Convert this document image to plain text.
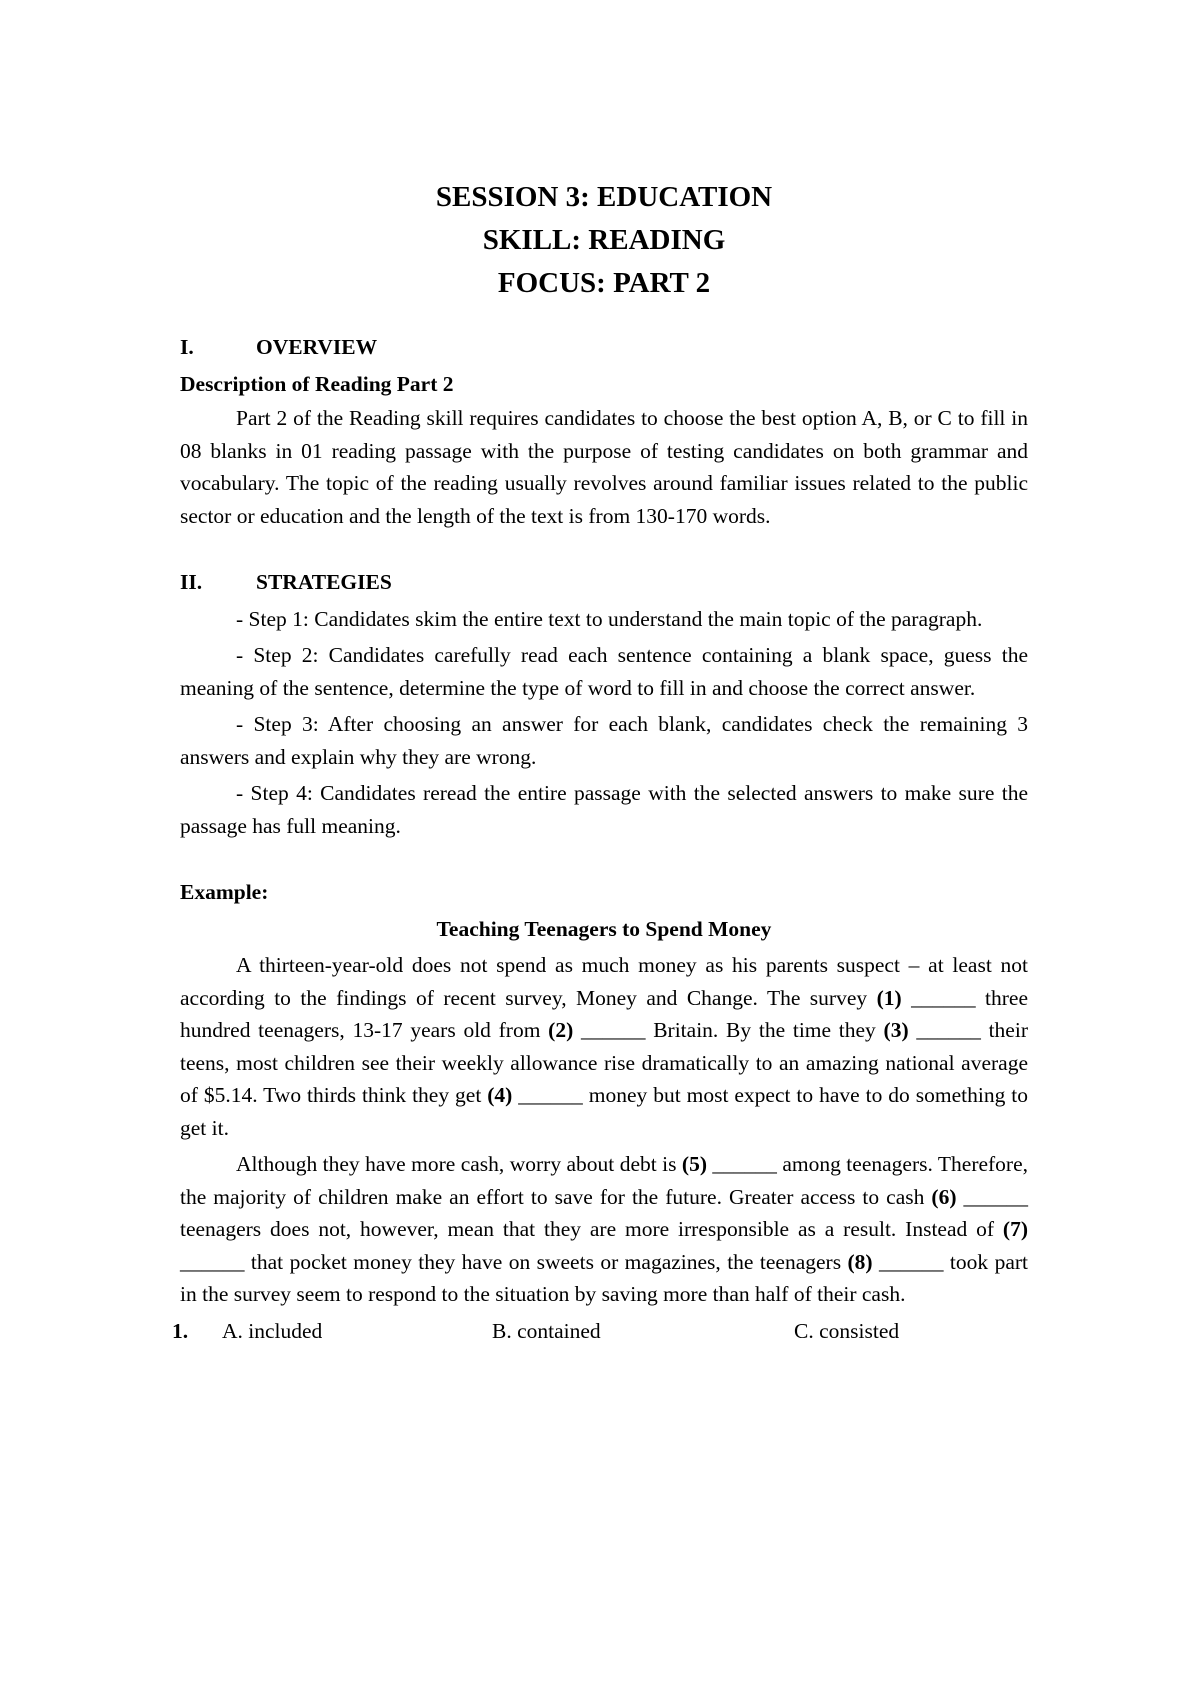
SESSION 3: EDUCATION

SKILL: READING

FOCUS: PART 2

I.	OVERVIEW

Description of Reading Part 2

Part 2 of the Reading skill requires candidates to choose the best option A, B, or C to fill in 08 blanks in 01 reading passage with the purpose of testing candidates on both grammar and vocabulary. The topic of the reading usually revolves around familiar issues related to the public sector or education and the length of the text is from 130-170 words.

II.	STRATEGIES

- Step 1: Candidates skim the entire text to understand the main topic of the paragraph.

- Step 2: Candidates carefully read each sentence containing a blank space, guess the meaning of the sentence, determine the type of word to fill in and choose the correct answer.

- Step 3: After choosing an answer for each blank, candidates check the remaining 3 answers and explain why they are wrong.

- Step 4: Candidates reread the entire passage with the selected answers to make sure the passage has full meaning.

Example:

Teaching Teenagers to Spend Money

A thirteen-year-old does not spend as much money as his parents suspect – at least not according to the findings of recent survey, Money and Change. The survey (1) ______ three hundred teenagers, 13-17 years old from (2) ______ Britain. By the time they (3) ______ their teens, most children see their weekly allowance rise dramatically to an amazing national average of $5.14. Two thirds think they get (4) ______ money but most expect to have to do something to get it.

Although they have more cash, worry about debt is (5) ______ among teenagers. Therefore, the majority of children make an effort to save for the future. Greater access to cash (6) ______ teenagers does not, however, mean that they are more irresponsible as a result. Instead of (7) ______ that pocket money they have on sweets or magazines, the teenagers (8) ______ took part in the survey seem to respond to the situation by saving more than half of their cash.

1.	A. included	B. contained	C. consisted
